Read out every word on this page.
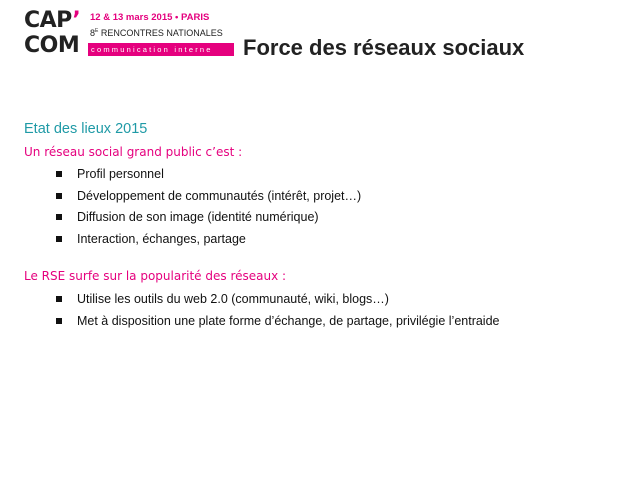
CAP’
COM
12 & 13 mars 2015 • PARIS
$8^E$ RENCONTRES NATIONALES
communication interne Force des réseaux sociaux
Etat des lieux 2015
Un réseau social grand public c’est :
Profil personnel
Développement de communautés (intérêt, projet…)
Diffusion de son image (identité numérique)
Interaction, échanges, partage
Le RSE surfe sur la popularité des réseaux :
Utilise les outils du web 2.0 (communauté, wiki, blogs…)
Met à disposition une plate forme d’échange, de partage, privilégie l’entraide
